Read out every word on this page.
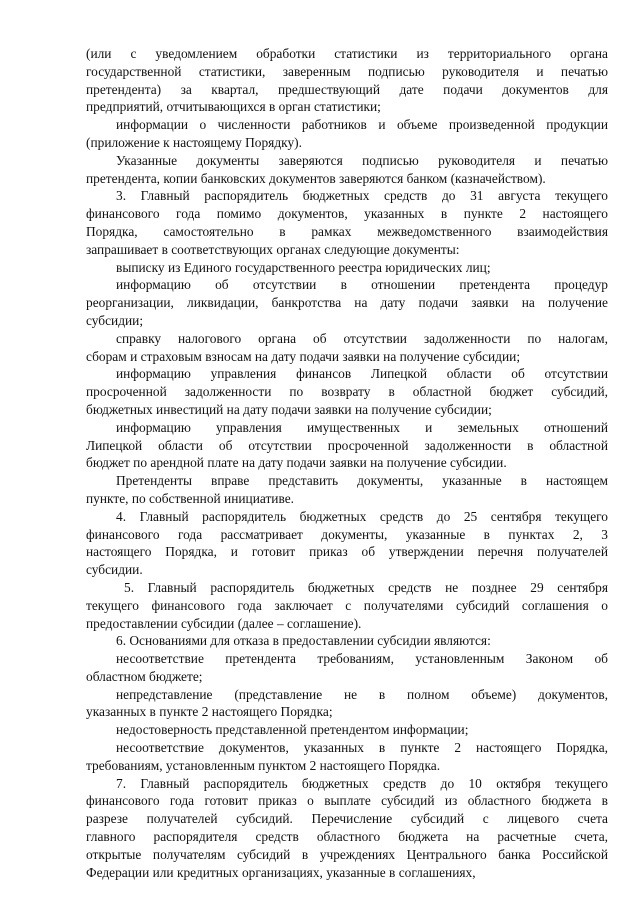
(или с уведомлением обработки статистики из территориального органа
государственной статистики, заверенным подписью руководителя и печатью
претендента) за квартал, предшествующий дате подачи документов для
предприятий, отчитывающихся в орган статистики;
информации о численности работников и объеме произведенной продукции
(приложение к настоящему Порядку).
Указанные документы заверяются подписью руководителя и печатью
претендента, копии банковских документов заверяются банком (казначейством).
3. Главный распорядитель бюджетных средств до 31 августа текущего
финансового года помимо документов, указанных в пункте 2 настоящего
Порядка, самостоятельно в рамках межведомственного взаимодействия
запрашивает в соответствующих органах следующие документы:
выписку из Единого государственного реестра юридических лиц;
информацию об отсутствии в отношении претендента процедур
реорганизации, ликвидации, банкротства на дату подачи заявки на получение
субсидии;
справку налогового органа об отсутствии задолженности по налогам,
сборам и страховым взносам на дату подачи заявки на получение субсидии;
информацию управления финансов Липецкой области об отсутствии
просроченной задолженности по возврату в областной бюджет субсидий,
бюджетных инвестиций на дату подачи заявки на получение субсидии;
информацию управления имущественных и земельных отношений
Липецкой области об отсутствии просроченной задолженности в областной
бюджет по арендной плате на дату подачи заявки на получение субсидии.
Претенденты вправе представить документы, указанные в настоящем
пункте, по собственной инициативе.
4. Главный распорядитель бюджетных средств до 25 сентября текущего
финансового года рассматривает документы, указанные в пунктах 2, 3
настоящего Порядка, и готовит приказ об утверждении перечня получателей
субсидии.
5. Главный распорядитель бюджетных средств не позднее 29 сентября
текущего финансового года заключает с получателями субсидий соглашения о
предоставлении субсидии (далее – соглашение).
6. Основаниями для отказа в предоставлении субсидии являются:
несоответствие претендента требованиям, установленным Законом об
областном бюджете;
непредставление (представление не в полном объеме) документов,
указанных в пункте 2 настоящего Порядка;
недостоверность представленной претендентом информации;
несоответствие документов, указанных в пункте 2 настоящего Порядка,
требованиям, установленным пунктом 2 настоящего Порядка.
7. Главный распорядитель бюджетных средств до 10 октября текущего
финансового года готовит приказ о выплате субсидий из областного бюджета в
разрезе получателей субсидий. Перечисление субсидий с лицевого счета
главного распорядителя средств областного бюджета на расчетные счета,
открытые получателям субсидий в учреждениях Центрального банка Российской
Федерации или кредитных организациях, указанные в соглашениях,
